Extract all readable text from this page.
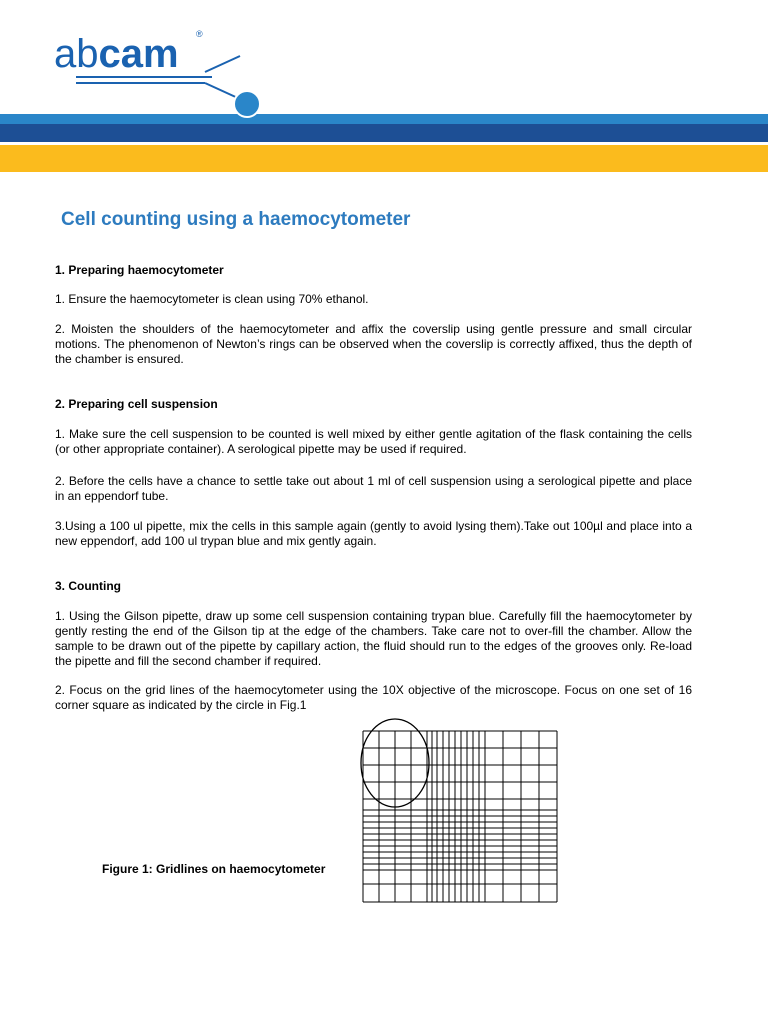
abcam ®
Cell counting using a haemocytometer

1. Preparing haemocytometer

1. Ensure the haemocytometer is clean using 70% ethanol.

2. Moisten the shoulders of the haemocytometer and affix the coverslip using gentle pressure and small circular motions. The phenomenon of Newton’s rings can be observed when the coverslip is correctly affixed, thus the depth of the chamber is ensured.

2. Preparing cell suspension

1. Make sure the cell suspension to be counted is well mixed by either gentle agitation of the flask containing the cells (or other appropriate container). A serological pipette may be used if required.

2. Before the cells have a chance to settle take out about 1 ml of cell suspension using a serological pipette and place in an eppendorf tube.

3.Using a 100 ul pipette, mix the cells in this sample again (gently to avoid lysing them).Take out 100µl and place into a new eppendorf, add 100 ul trypan blue and mix gently again.

3. Counting

1. Using the Gilson pipette, draw up some cell suspension containing trypan blue. Carefully fill the haemocytometer by gently resting the end of the Gilson tip at the edge of the chambers. Take care not to over-fill the chamber. Allow the sample to be drawn out of the pipette by capillary action, the fluid should run to the edges of the grooves only. Re-load the pipette and fill the second chamber if required.

2. Focus on the grid lines of the haemocytometer using the 10X objective of the microscope. Focus on one set of 16 corner square as indicated by the circle in Fig.1

Figure 1: Gridlines on haemocytometer
